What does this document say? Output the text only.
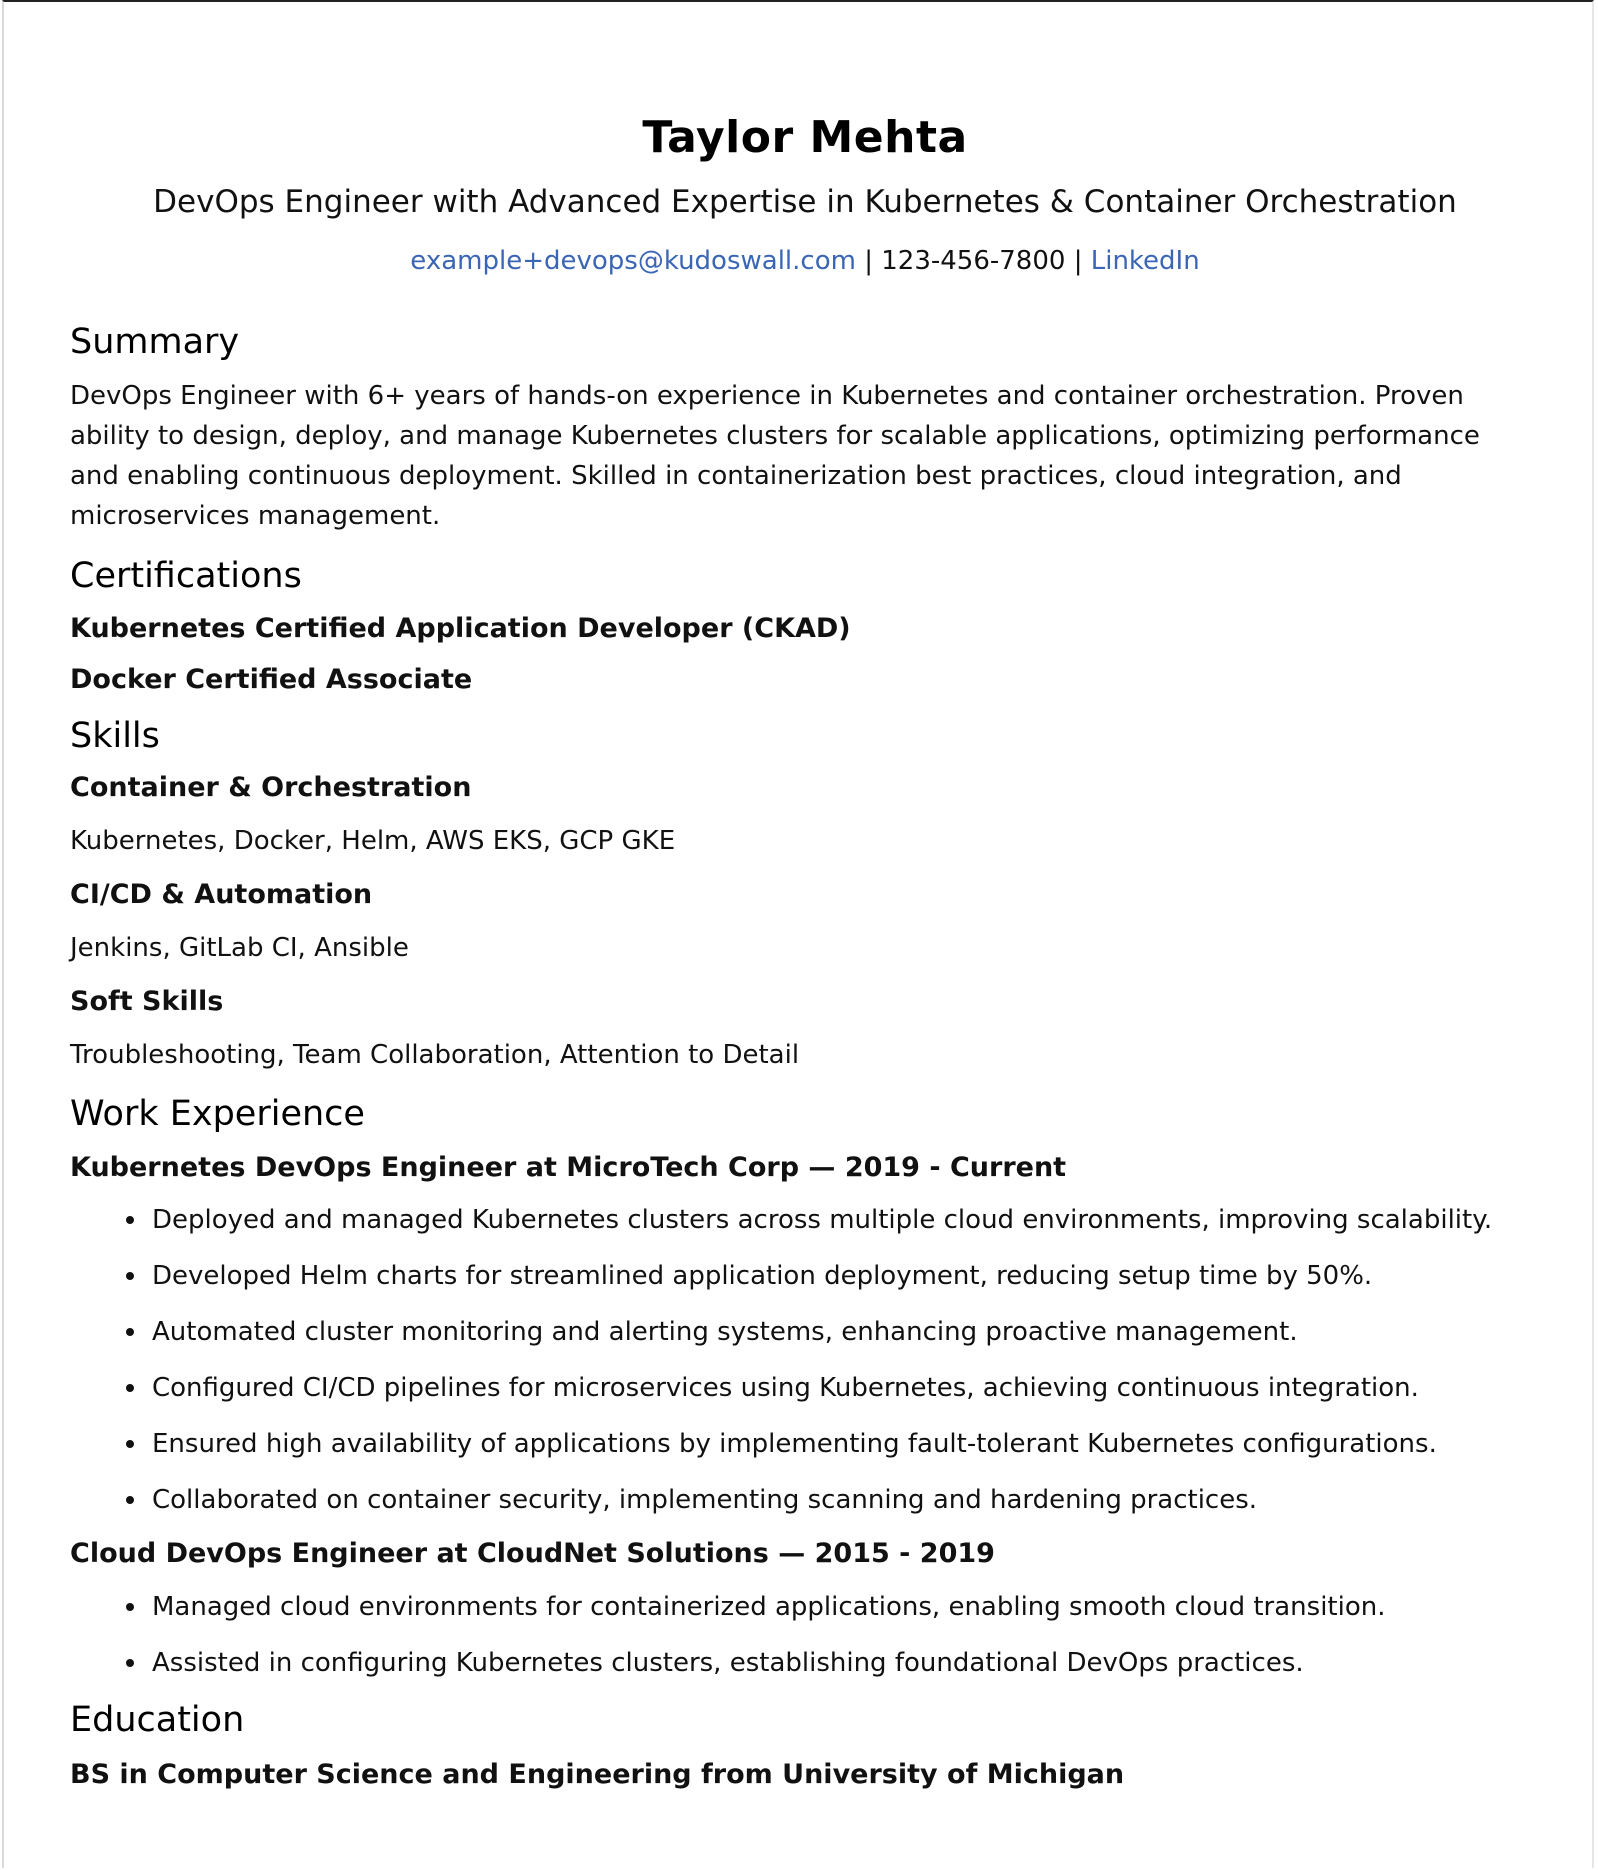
Taylor Mehta
DevOps Engineer with Advanced Expertise in Kubernetes & Container Orchestration
example+devops@kudoswall.com | 123-456-7800 | LinkedIn
Summary
DevOps Engineer with 6+ years of hands-on experience in Kubernetes and container orchestration. Proven
ability to design, deploy, and manage Kubernetes clusters for scalable applications, optimizing performance
and enabling continuous deployment. Skilled in containerization best practices, cloud integration, and
microservices management.
Certifications
Kubernetes Certified Application Developer (CKAD)
Docker Certified Associate
Skills
Container & Orchestration
Kubernetes, Docker, Helm, AWS EKS, GCP GKE
CI/CD & Automation
Jenkins, GitLab CI, Ansible
Soft Skills
Troubleshooting, Team Collaboration, Attention to Detail
Work Experience
Kubernetes DevOps Engineer at MicroTech Corp — 2019 - Current
Deployed and managed Kubernetes clusters across multiple cloud environments, improving scalability.
Developed Helm charts for streamlined application deployment, reducing setup time by 50%.
Automated cluster monitoring and alerting systems, enhancing proactive management.
Configured CI/CD pipelines for microservices using Kubernetes, achieving continuous integration.
Ensured high availability of applications by implementing fault-tolerant Kubernetes configurations.
Collaborated on container security, implementing scanning and hardening practices.
Cloud DevOps Engineer at CloudNet Solutions — 2015 - 2019
Managed cloud environments for containerized applications, enabling smooth cloud transition.
Assisted in configuring Kubernetes clusters, establishing foundational DevOps practices.
Education
BS in Computer Science and Engineering from University of Michigan
